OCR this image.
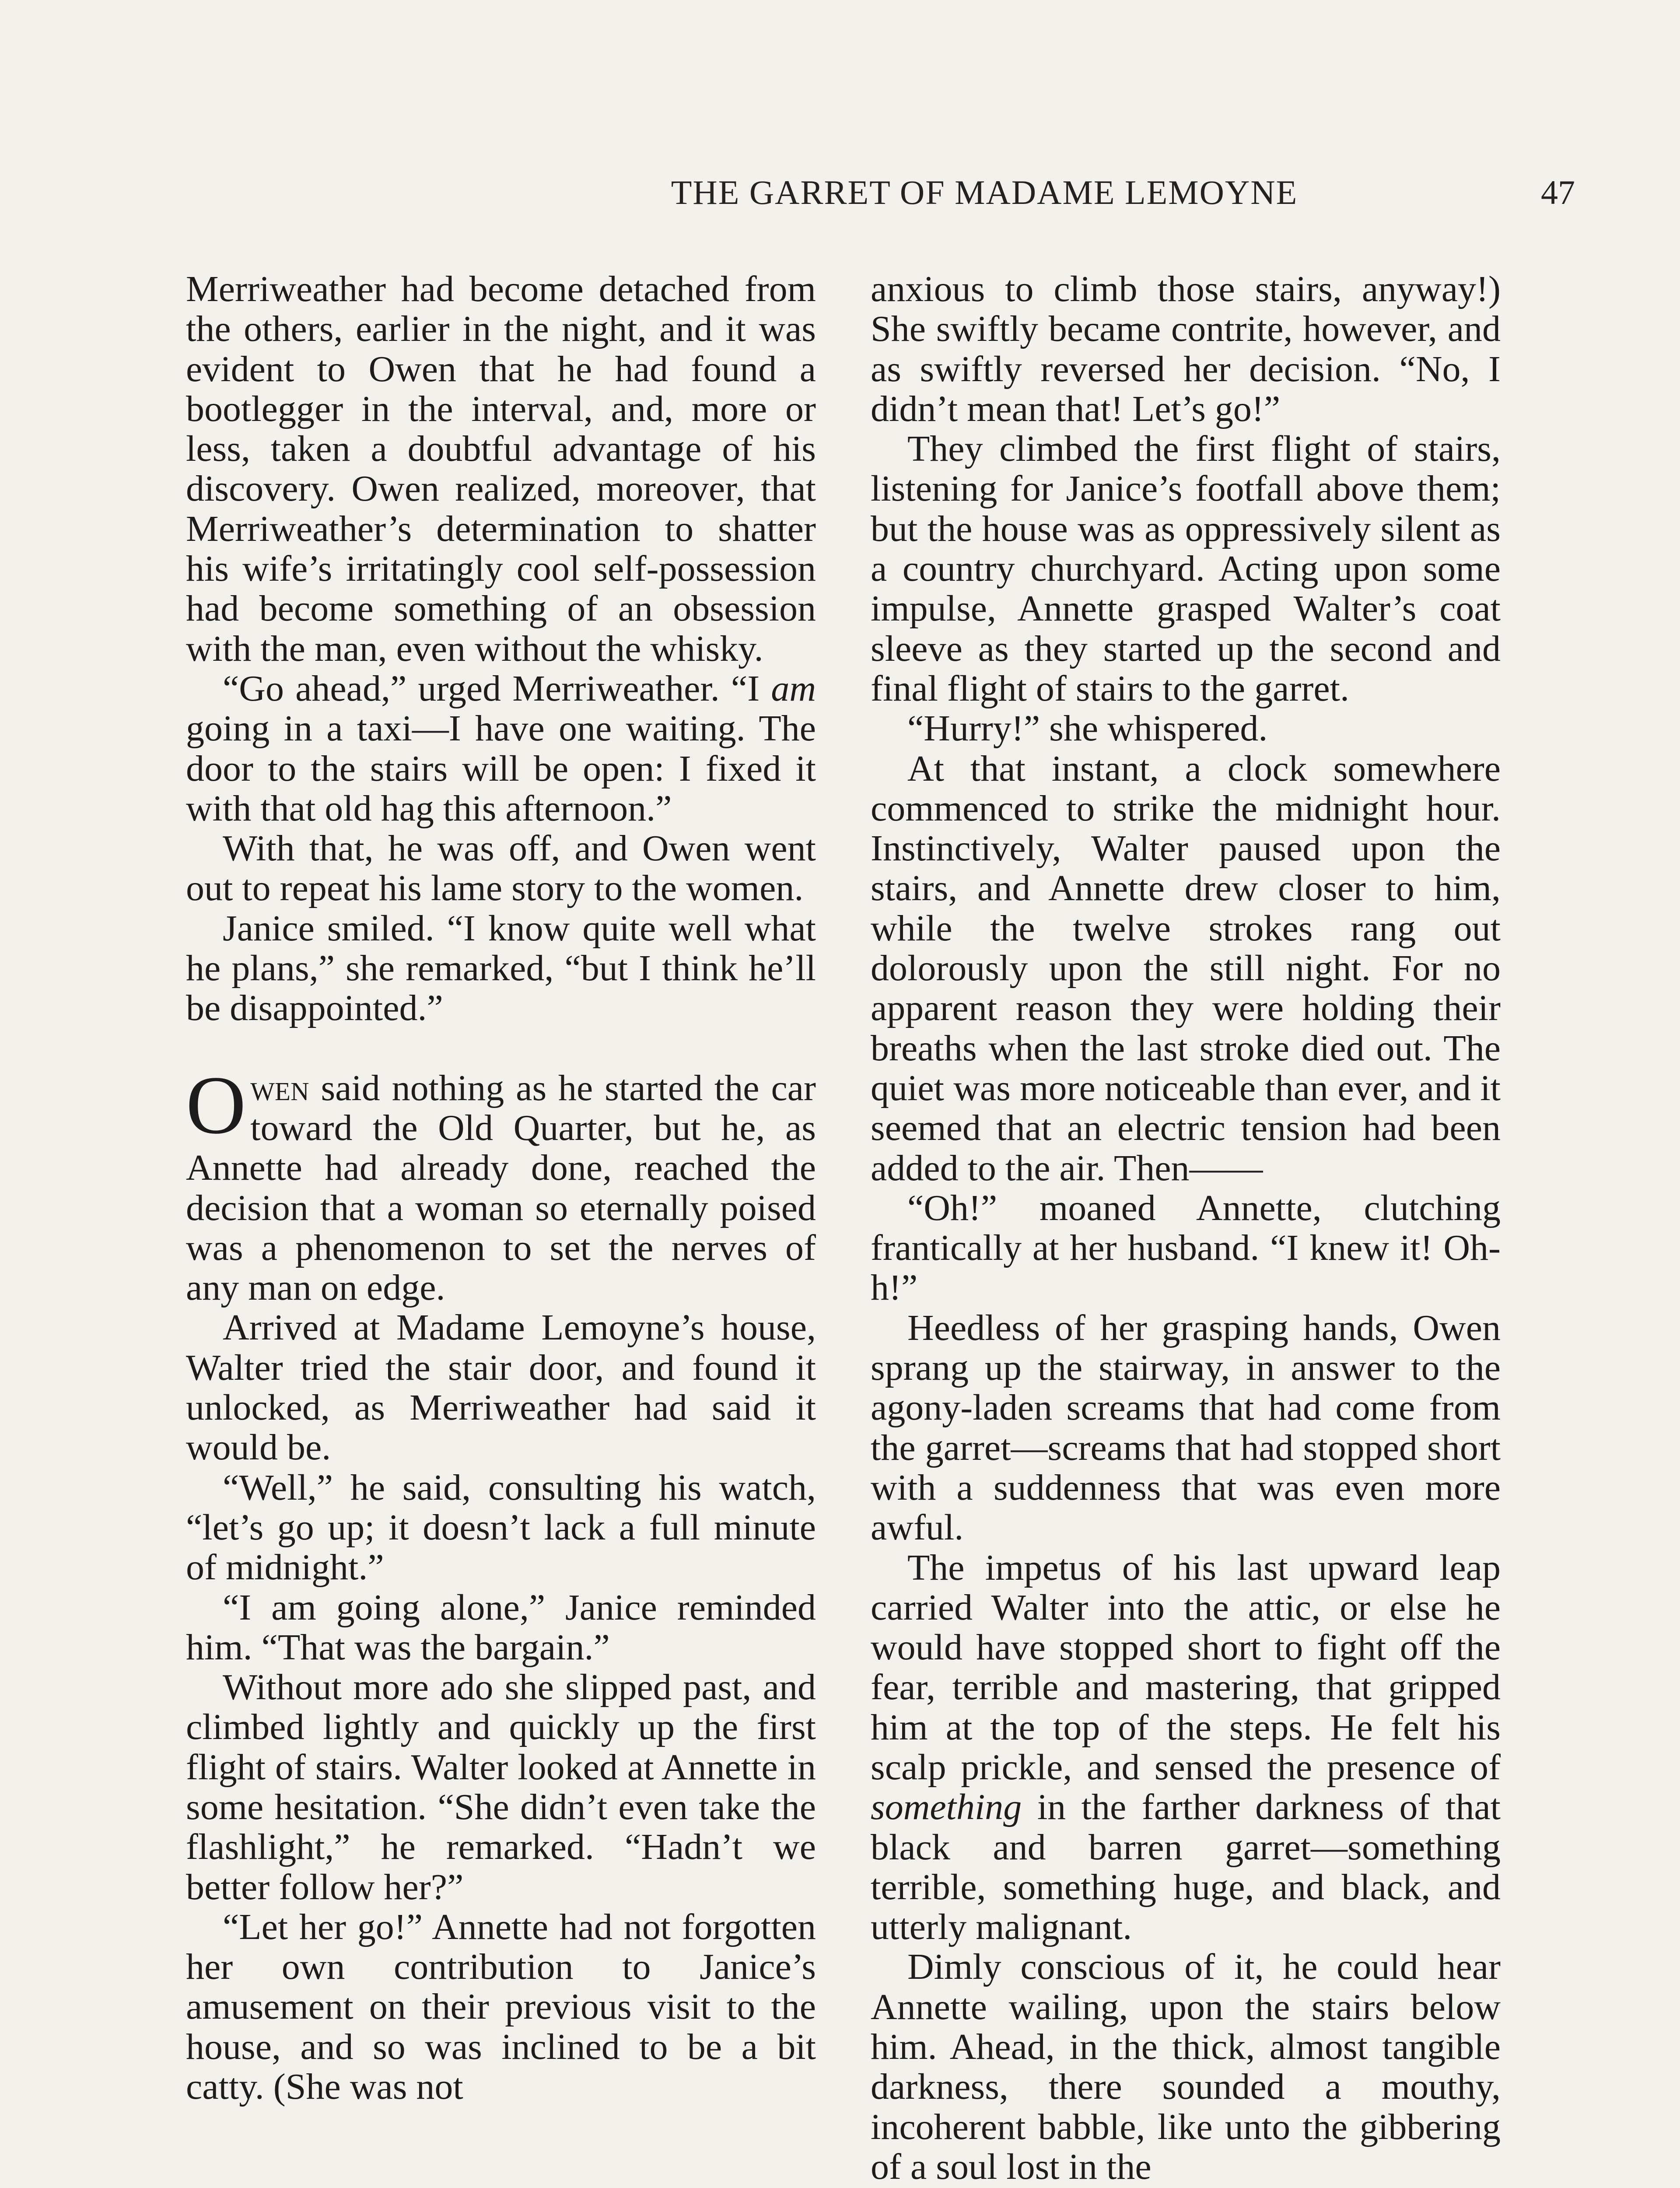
THE GARRET OF MADAME LEMOYNE	47

Merriweather had become detached from the others, earlier in the night, and it was evident to Owen that he had found a bootlegger in the interval, and, more or less, taken a doubtful advantage of his discovery. Owen realized, moreover, that Merriweather’s determination to shatter his wife’s irritatingly cool self-possession had become something of an obsession with the man, even without the whisky.

“Go ahead,” urged Merriweather. “I am going in a taxi—I have one waiting. The door to the stairs will be open: I fixed it with that old hag this afternoon.”

With that, he was off, and Owen went out to repeat his lame story to the women.

Janice smiled. “I know quite well what he plans,” she remarked, “but I think he’ll be disappointed.”

Owen said nothing as he started the car toward the Old Quarter, but he, as Annette had already done, reached the decision that a woman so eternally poised was a phenomenon to set the nerves of any man on edge.

Arrived at Madame Lemoyne’s house, Walter tried the stair door, and found it unlocked, as Merriweather had said it would be.

“Well,” he said, consulting his watch, “let’s go up; it doesn’t lack a full minute of midnight.”

“I am going alone,” Janice reminded him. “That was the bargain.”

Without more ado she slipped past, and climbed lightly and quickly up the first flight of stairs. Walter looked at Annette in some hesitation. “She didn’t even take the flashlight,” he remarked. “Hadn’t we better follow her?”

“Let her go!” Annette had not forgotten her own contribution to Janice’s amusement on their previous visit to the house, and so was inclined to be a bit catty. (She was not

anxious to climb those stairs, anyway!) She swiftly became contrite, however, and as swiftly reversed her decision. “No, I didn’t mean that! Let’s go!”

They climbed the first flight of stairs, listening for Janice’s footfall above them; but the house was as oppressively silent as a country churchyard. Acting upon some impulse, Annette grasped Walter’s coat sleeve as they started up the second and final flight of stairs to the garret.

“Hurry!” she whispered.

At that instant, a clock somewhere commenced to strike the midnight hour. Instinctively, Walter paused upon the stairs, and Annette drew closer to him, while the twelve strokes rang out dolorously upon the still night. For no apparent reason they were holding their breaths when the last stroke died out. The quiet was more noticeable than ever, and it seemed that an electric tension had been added to the air. Then——

“Oh!” moaned Annette, clutching frantically at her husband. “I knew it! Oh-h!”

Heedless of her grasping hands, Owen sprang up the stairway, in answer to the agony-laden screams that had come from the garret—screams that had stopped short with a suddenness that was even more awful.

The impetus of his last upward leap carried Walter into the attic, or else he would have stopped short to fight off the fear, terrible and mastering, that gripped him at the top of the steps. He felt his scalp prickle, and sensed the presence of something in the farther darkness of that black and barren garret—something terrible, something huge, and black, and utterly malignant.

Dimly conscious of it, he could hear Annette wailing, upon the stairs below him. Ahead, in the thick, almost tangible darkness, there sounded a mouthy, incoherent babble, like unto the gibbering of a soul lost in the
